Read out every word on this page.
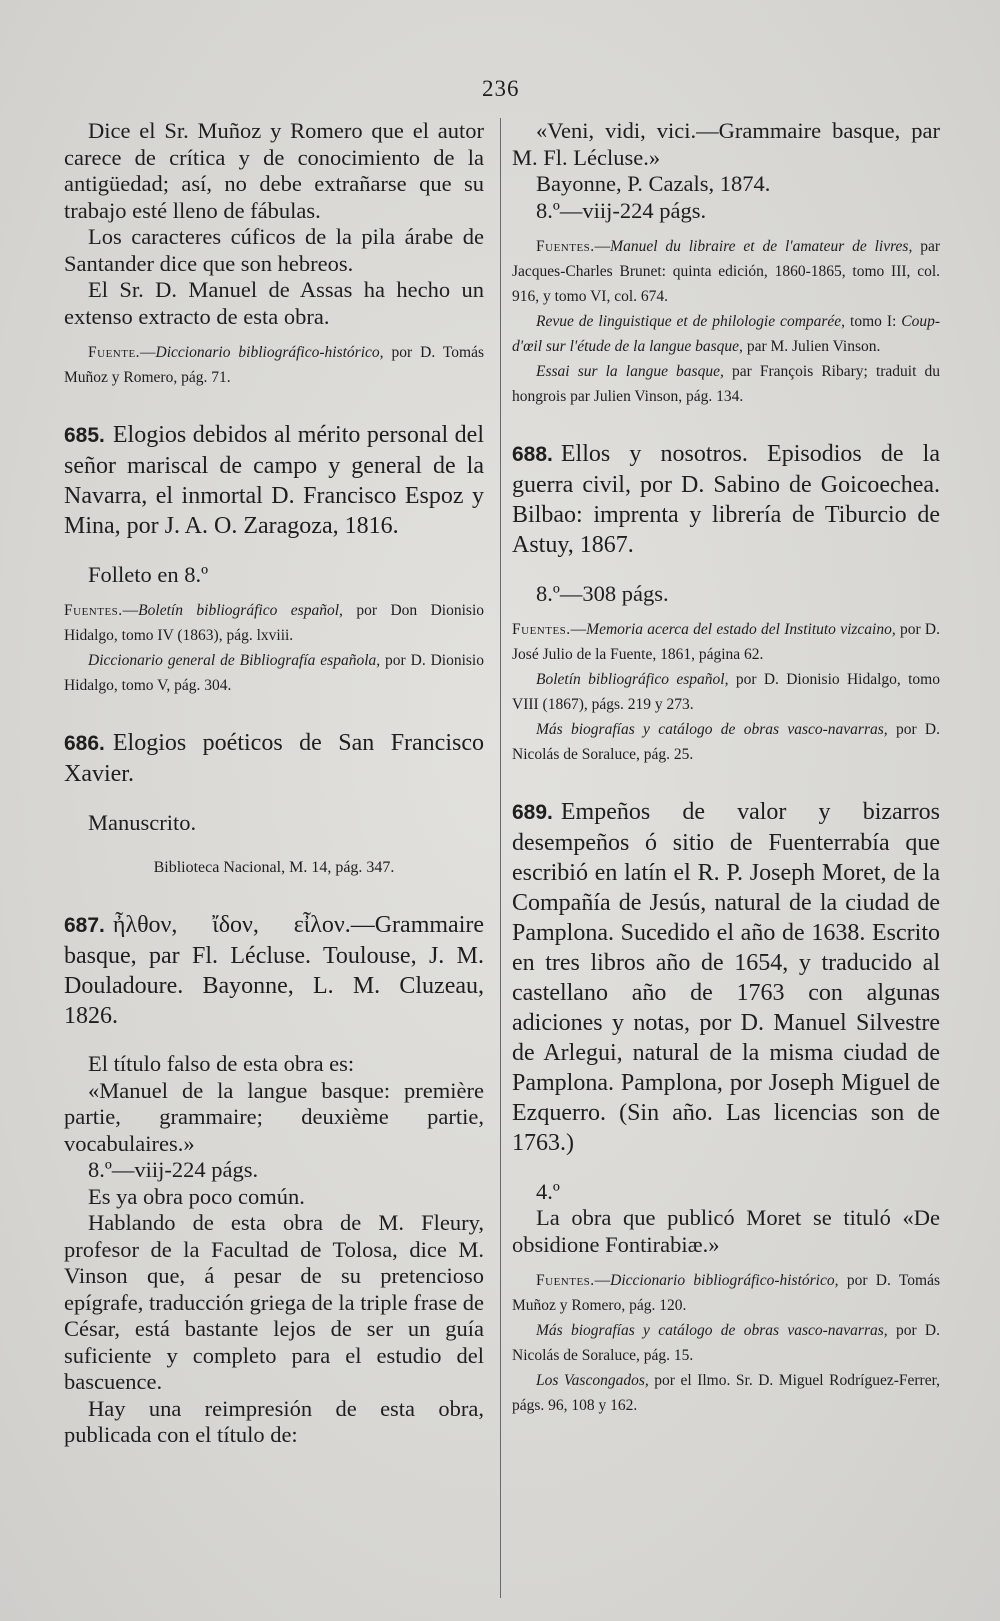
236

Dice el Sr. Muñoz y Romero que el autor carece de crítica y de conocimiento de la antigüedad; así, no debe extrañarse que su trabajo esté lleno de fábulas.

Los caracteres cúficos de la pila árabe de Santander dice que son hebreos.

El Sr. D. Manuel de Assas ha hecho un extenso extracto de esta obra.

Fuente.—Diccionario bibliográfico-histórico, por D. Tomás Muñoz y Romero, pág. 71.

685. Elogios debidos al mérito personal del señor mariscal de campo y general de la Navarra, el inmortal D. Francisco Espoz y Mina, por J. A. O. Zaragoza, 1816.

Folleto en 8.º

Fuentes.—Boletín bibliográfico español, por Don Dionisio Hidalgo, tomo IV (1863), pág. lxviii.

Diccionario general de Bibliografía española, por D. Dionisio Hidalgo, tomo V, pág. 304.

686. Elogios poéticos de San Francisco Xavier.

Manuscrito.

Biblioteca Nacional, M. 14, pág. 347.

687. ἦλθον, ἴδον, εἶλον.—Grammaire basque, par Fl. Lécluse. Toulouse, J. M. Douladoure. Bayonne, L. M. Cluzeau, 1826.

El título falso de esta obra es:

«Manuel de la langue basque: première partie, grammaire; deuxième partie, vocabulaires.»

8.º—viij-224 págs.

Es ya obra poco común.

Hablando de esta obra de M. Fleury, profesor de la Facultad de Tolosa, dice M. Vinson que, á pesar de su pretencioso epígrafe, traducción griega de la triple frase de César, está bastante lejos de ser un guía suficiente y completo para el estudio del bascuence.

Hay una reimpresión de esta obra, publicada con el título de:

«Veni, vidi, vici.—Grammaire basque, par M. Fl. Lécluse.»

Bayonne, P. Cazals, 1874.

8.º—viij-224 págs.

Fuentes.—Manuel du libraire et de l'amateur de livres, par Jacques-Charles Brunet: quinta edición, 1860-1865, tomo III, col. 916, y tomo VI, col. 674.

Revue de linguistique et de philologie comparée, tomo I: Coup-d'œil sur l'étude de la langue basque, par M. Julien Vinson.

Essai sur la langue basque, par François Ribary; traduit du hongrois par Julien Vinson, pág. 134.

688. Ellos y nosotros. Episodios de la guerra civil, por D. Sabino de Goicoechea. Bilbao: imprenta y librería de Tiburcio de Astuy, 1867.

8.º—308 págs.

Fuentes.—Memoria acerca del estado del Instituto vizcaino, por D. José Julio de la Fuente, 1861, página 62.

Boletín bibliográfico español, por D. Dionisio Hidalgo, tomo VIII (1867), págs. 219 y 273.

Más biografías y catálogo de obras vasco-navarras, por D. Nicolás de Soraluce, pág. 25.

689. Empeños de valor y bizarros desempeños ó sitio de Fuenterrabía que escribió en latín el R. P. Joseph Moret, de la Compañía de Jesús, natural de la ciudad de Pamplona. Sucedido el año de 1638. Escrito en tres libros año de 1654, y traducido al castellano año de 1763 con algunas adiciones y notas, por D. Manuel Silvestre de Arlegui, natural de la misma ciudad de Pamplona. Pamplona, por Joseph Miguel de Ezquerro. (Sin año. Las licencias son de 1763.)

4.º

La obra que publicó Moret se tituló «De obsidione Fontirabiæ.»

Fuentes.—Diccionario bibliográfico-histórico, por D. Tomás Muñoz y Romero, pág. 120.

Más biografías y catálogo de obras vasco-navarras, por D. Nicolás de Soraluce, pág. 15.

Los Vascongados, por el Ilmo. Sr. D. Miguel Rodríguez-Ferrer, págs. 96, 108 y 162.
